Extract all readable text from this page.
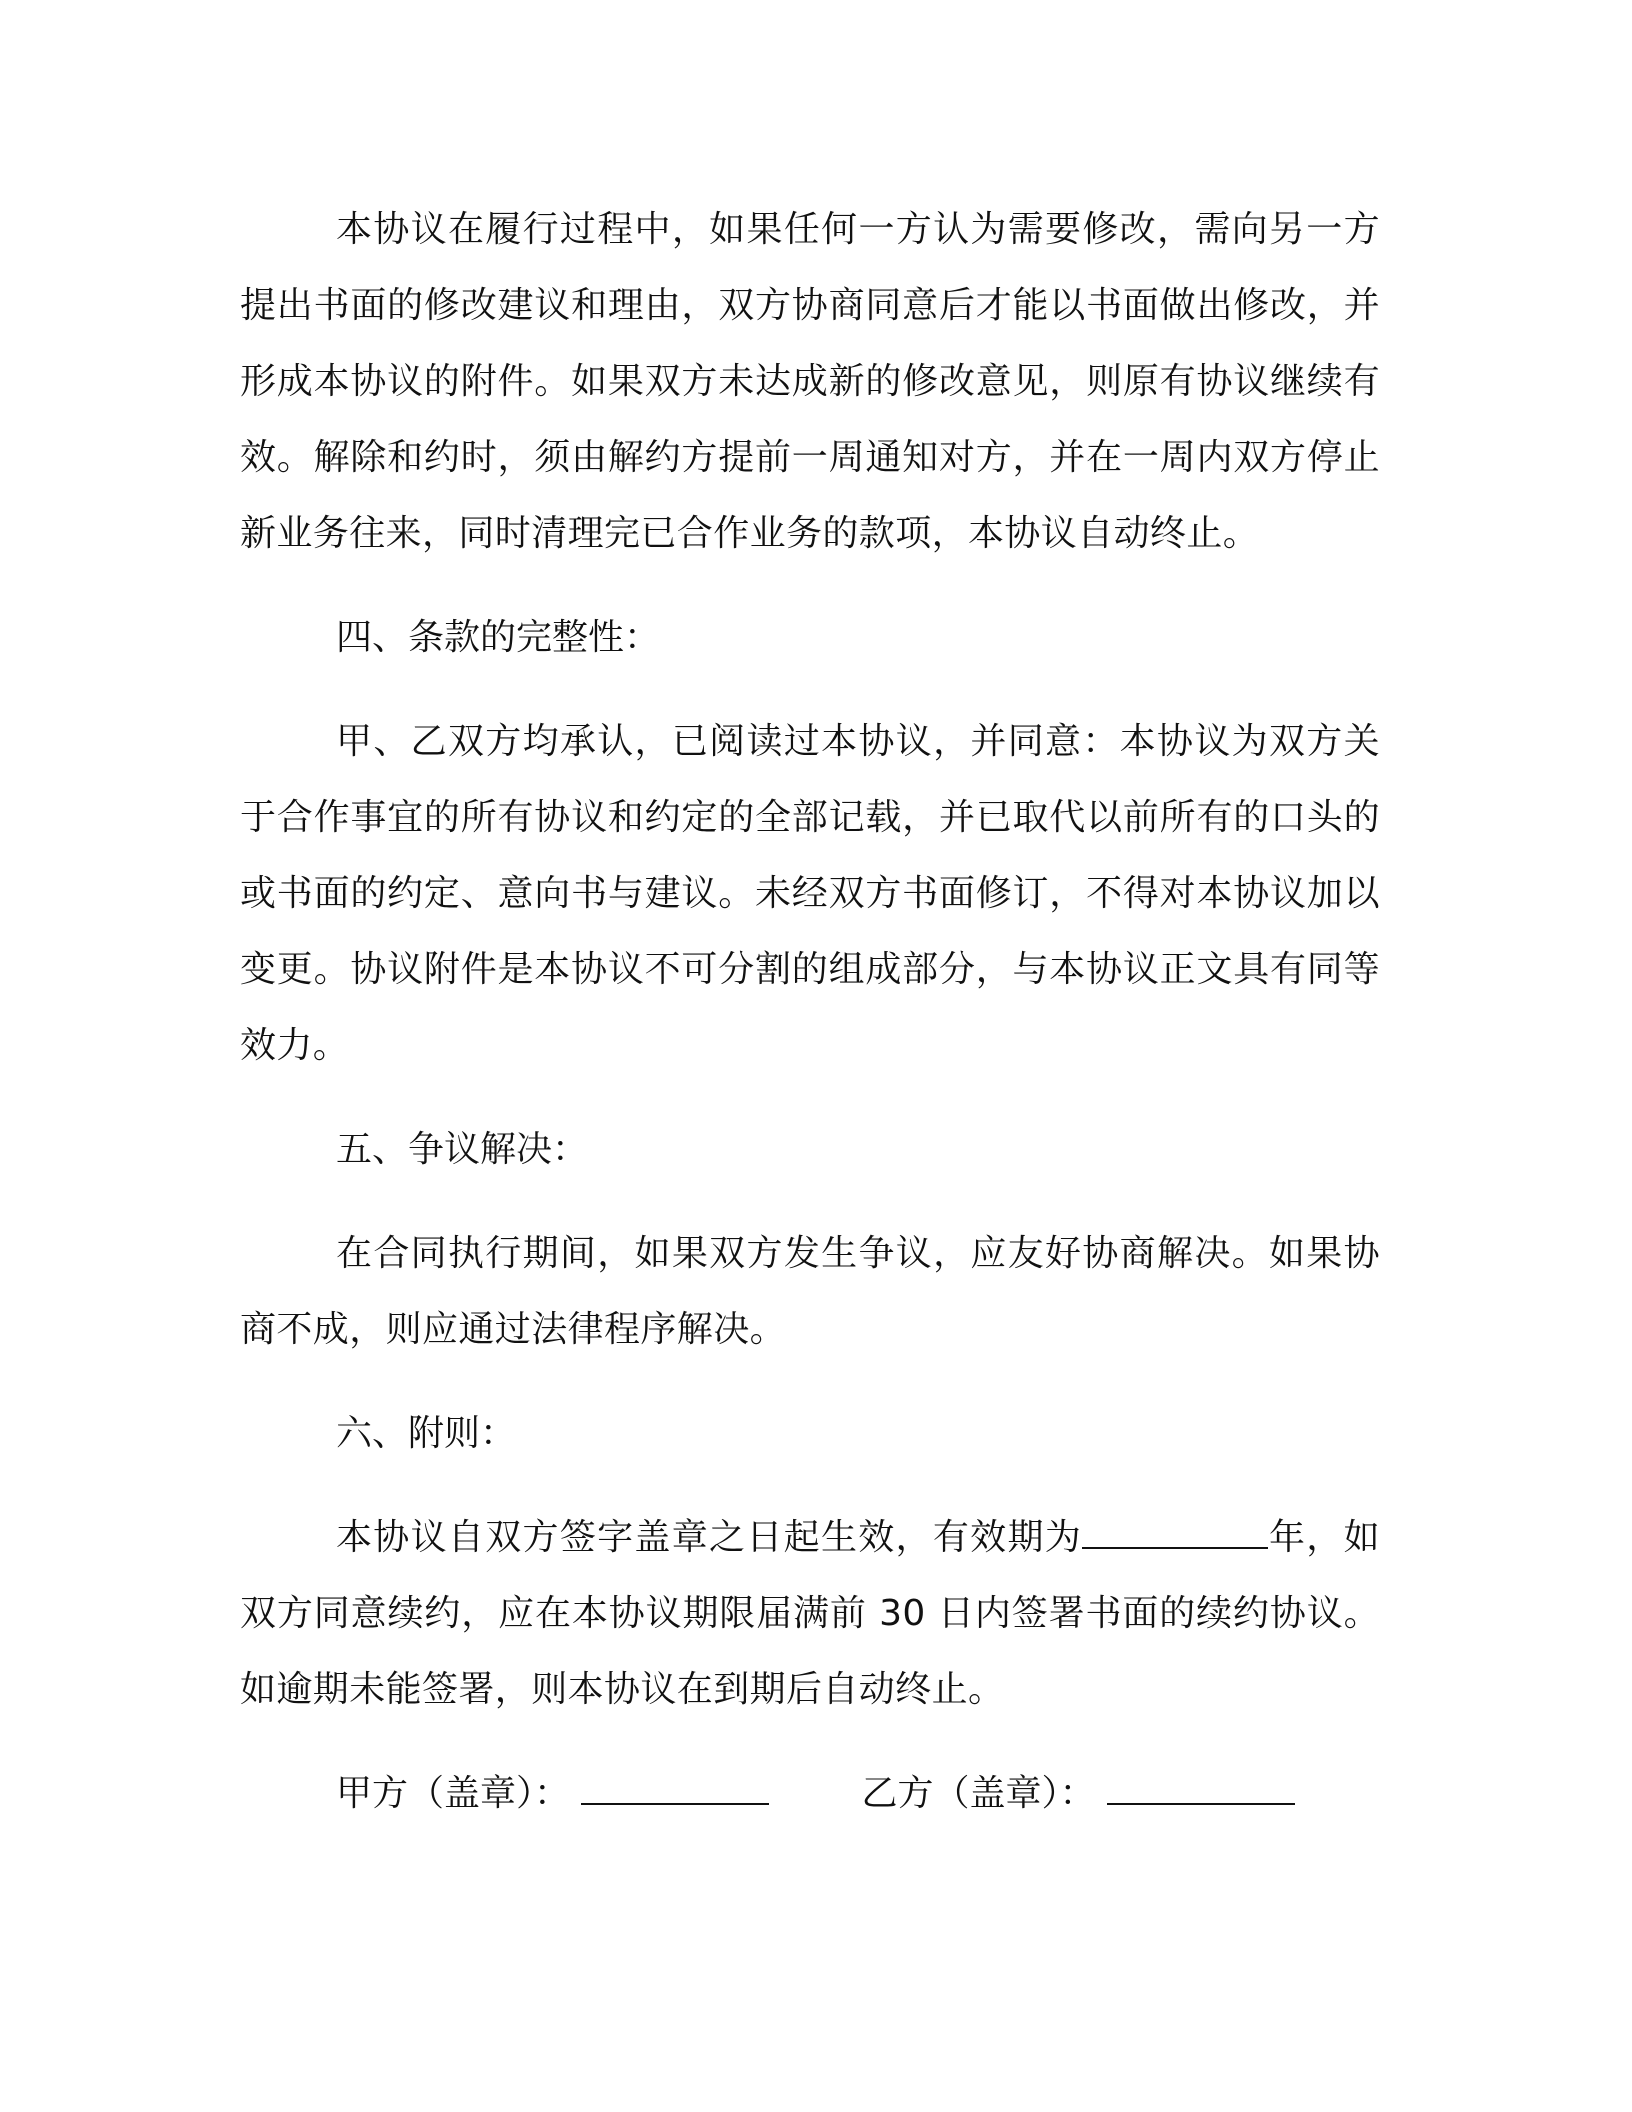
本协议在履行过程中，如果任何一方认为需要修改，需向另一方提出书面的修改建议和理由，双方协商同意后才能以书面做出修改，并形成本协议的附件。如果双方未达成新的修改意见，则原有协议继续有效。解除和约时，须由解约方提前一周通知对方，并在一周内双方停止新业务往来，同时清理完已合作业务的款项，本协议自动终止。

四、条款的完整性：

甲、乙双方均承认，已阅读过本协议，并同意：本协议为双方关于合作事宜的所有协议和约定的全部记载，并已取代以前所有的口头的或书面的约定、意向书与建议。未经双方书面修订，不得对本协议加以变更。协议附件是本协议不可分割的组成部分，与本协议正文具有同等效力。

五、争议解决：

在合同执行期间，如果双方发生争议，应友好协商解决。如果协商不成，则应通过法律程序解决。

六、附则：

本协议自双方签字盖章之日起生效，有效期为	年，如双方同意续约，应在本协议期限届满前 30 日内签署书面的续约协议。如逾期未能签署，则本协议在到期后自动终止。

甲方（盖章）：	乙方（盖章）：
